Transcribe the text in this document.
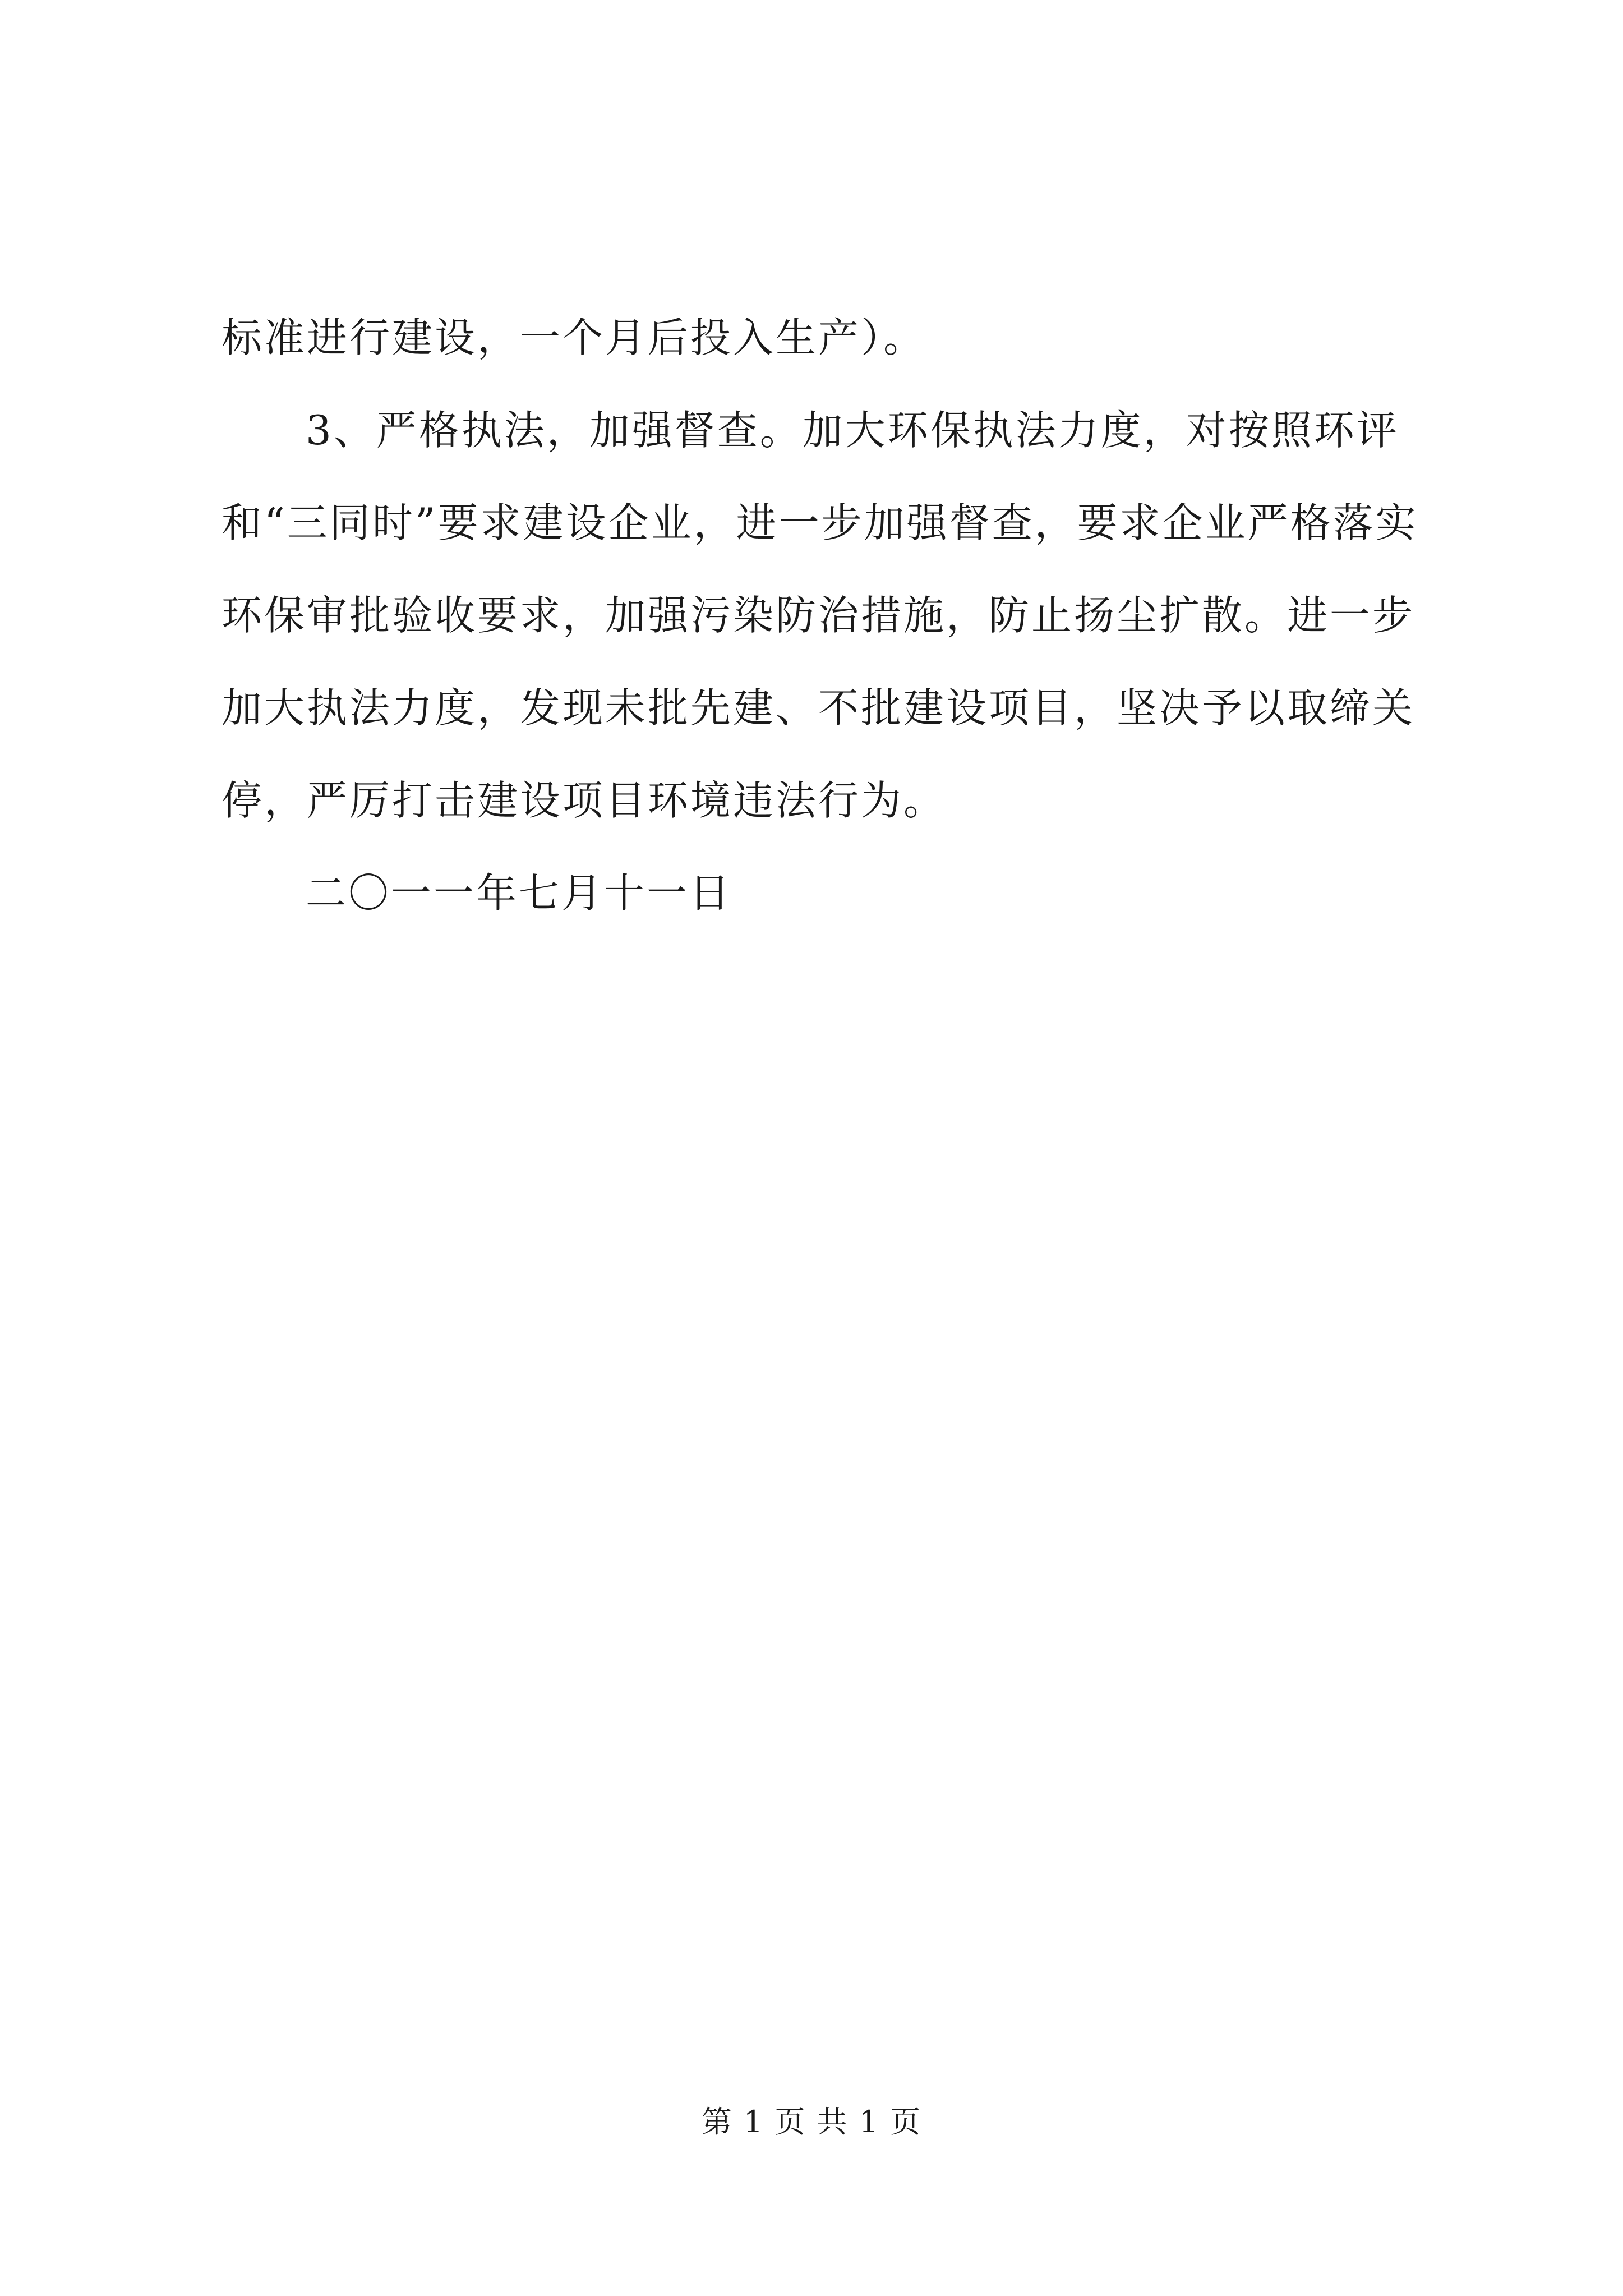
标准进行建设，一个月后投入生产）。

3、严格执法，加强督查。加大环保执法力度，对按照环评和“三同时”要求建设企业，进一步加强督查，要求企业严格落实环保审批验收要求，加强污染防治措施，防止扬尘扩散。进一步加大执法力度，发现未批先建、不批建设项目，坚决予以取缔关停，严厉打击建设项目环境违法行为。

二〇一一年七月十一日

第 1 页 共 1 页
